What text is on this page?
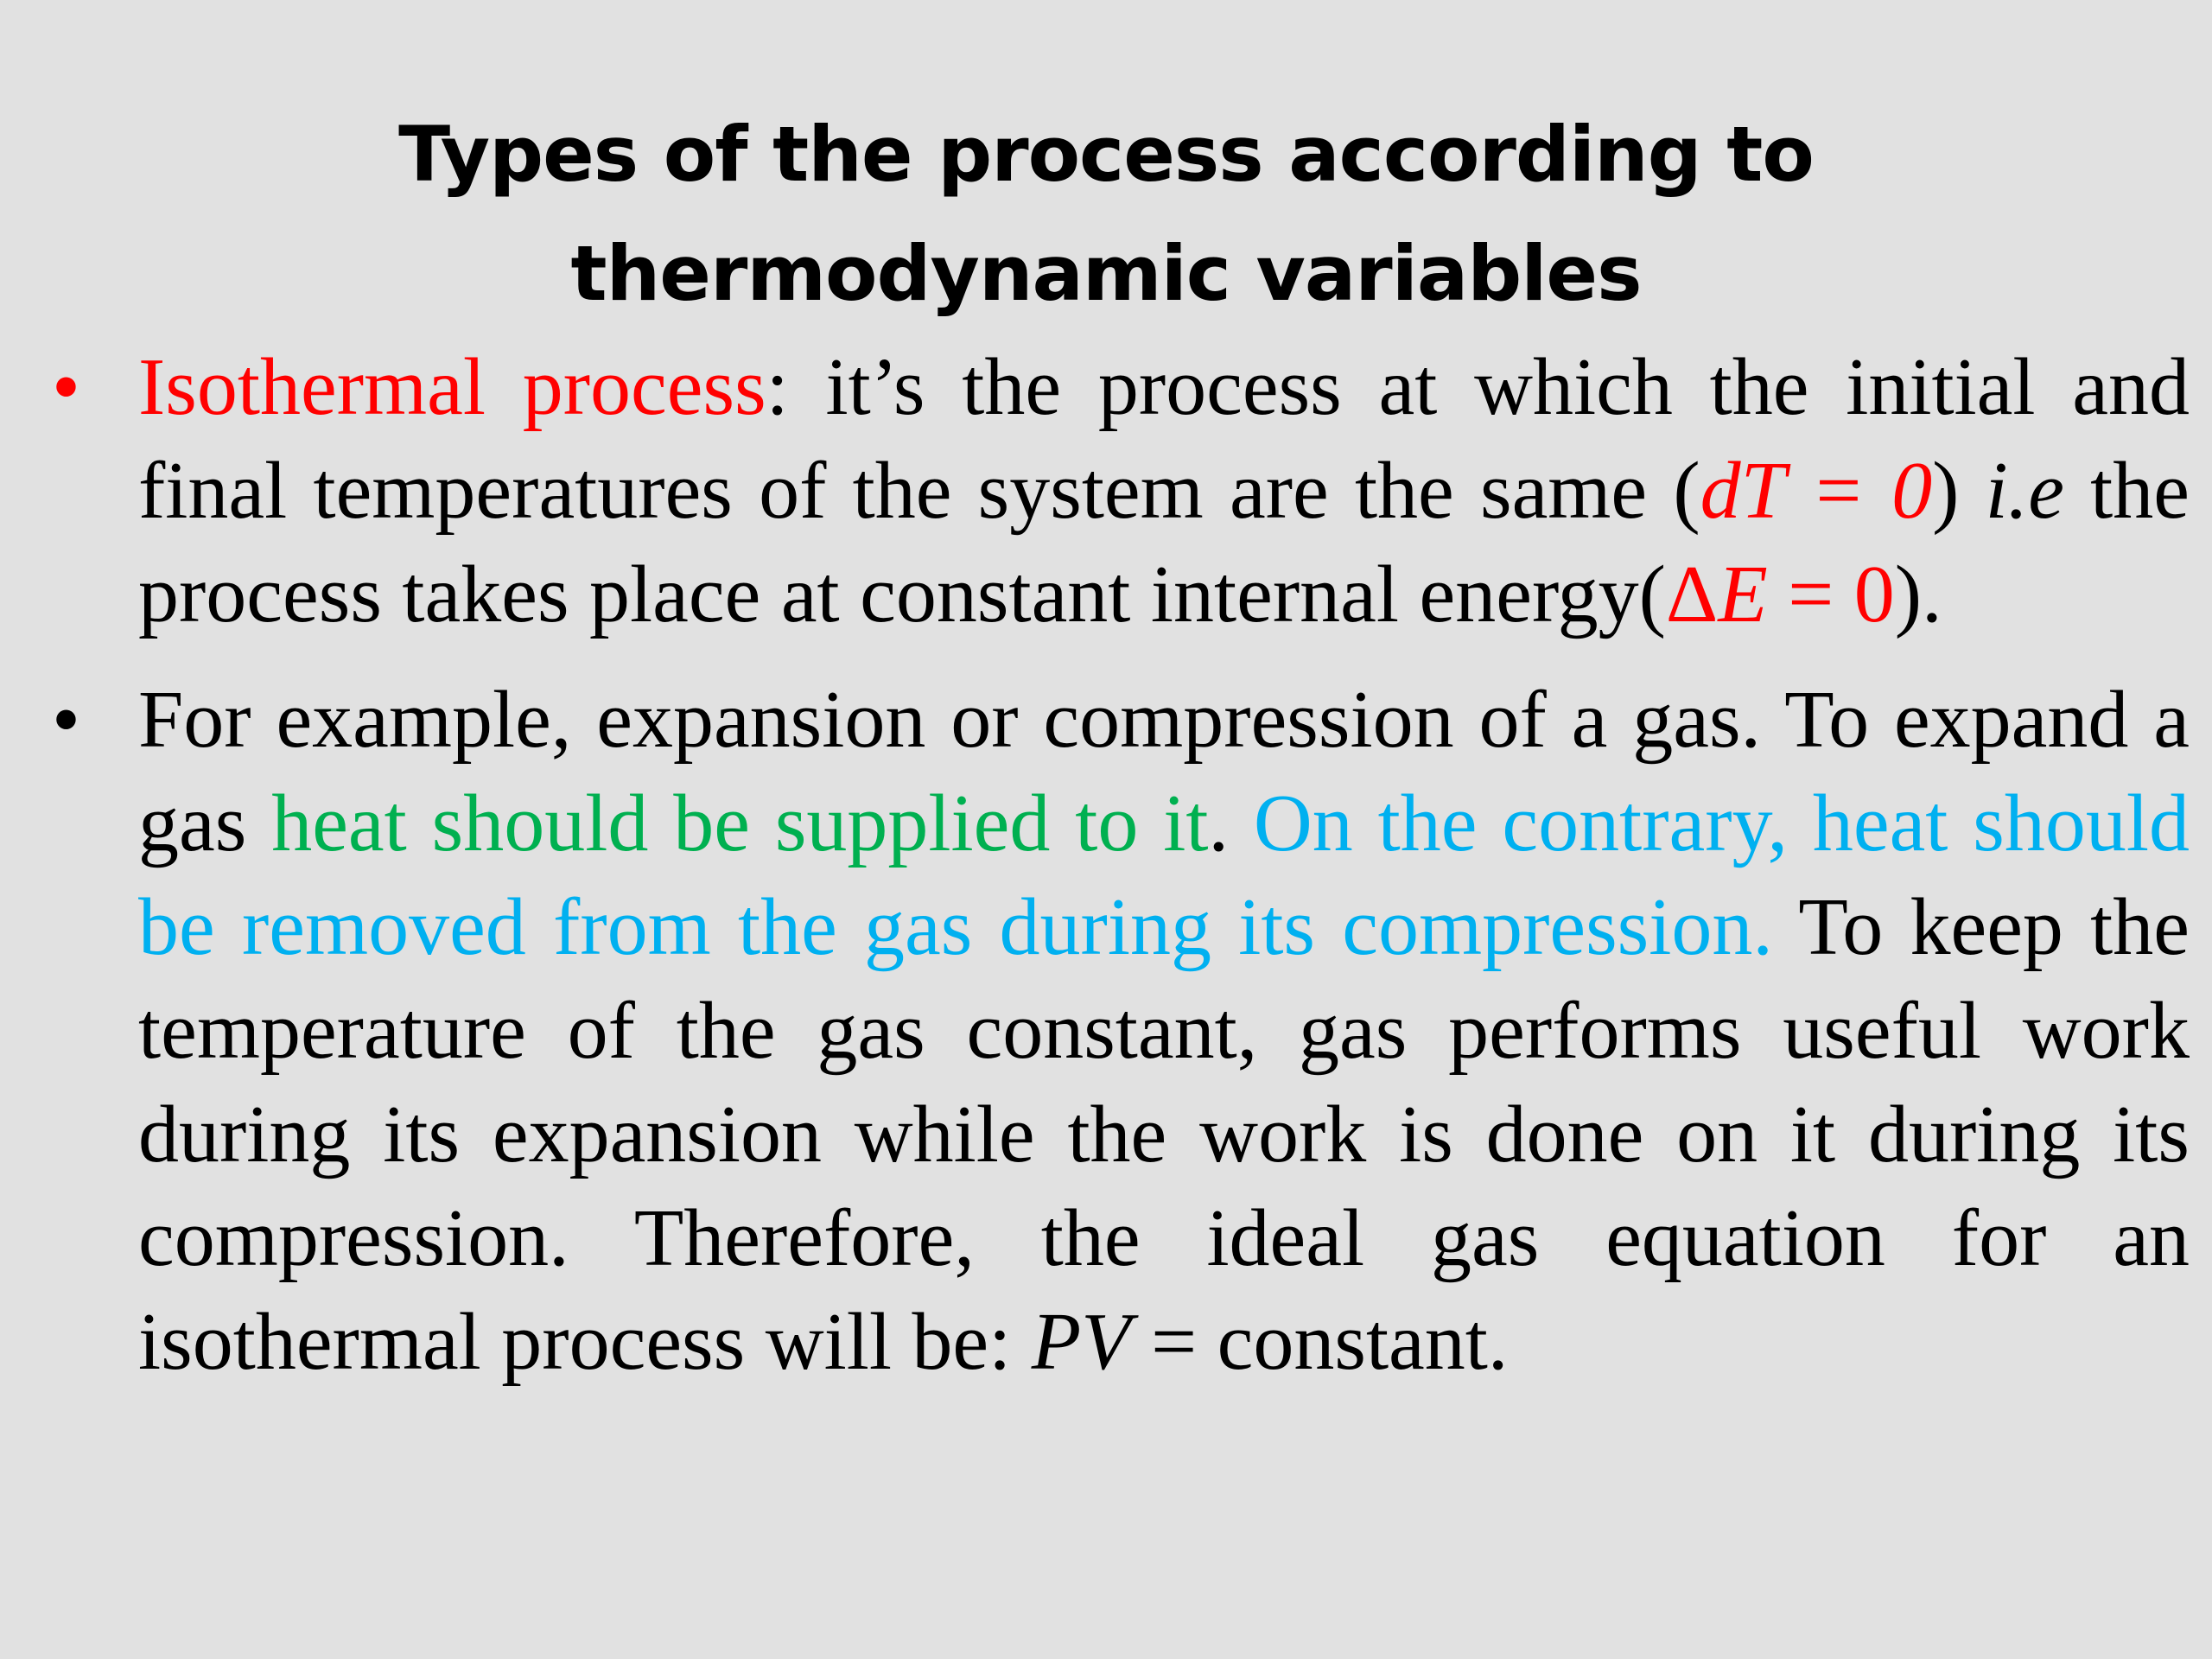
Types of the process according to
thermodynamic variables
• Isothermal process: it’s the process at which the initial and final temperatures of the system are the same (dT = 0) i.e the process takes place at constant internal energy(ΔE = 0).
• For example, expansion or compression of a gas. To expand a gas heat should be supplied to it. On the contrary, heat should be removed from the gas during its compression. To keep the temperature of the gas constant, gas performs useful work during its expansion while the work is done on it during its compression. Therefore, the ideal gas equation for an isothermal process will be: PV = constant.
